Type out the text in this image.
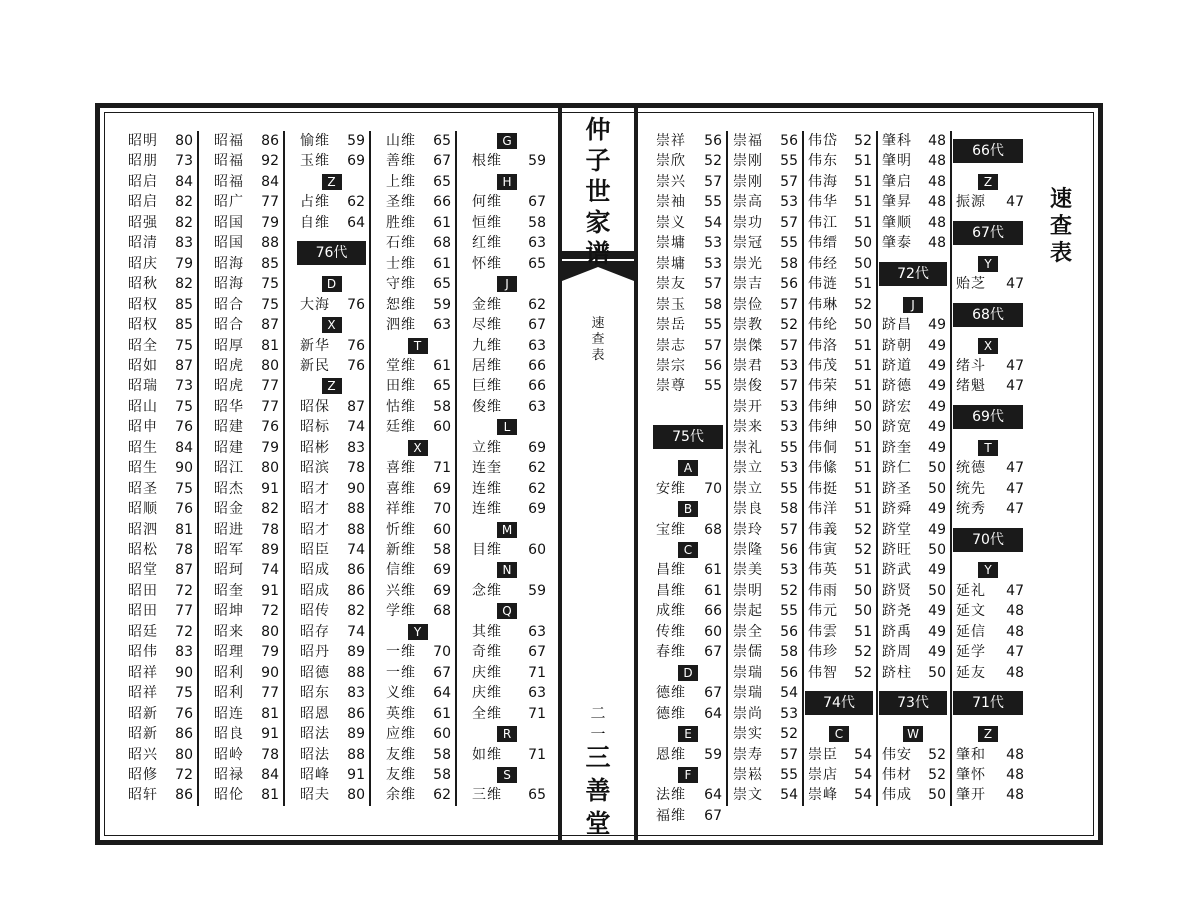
二一
仲
子
世
家
谱
速
查
表
三
善
堂
速
查
表
昭明 80
昭朋 73
昭启 84
昭启 82
昭强 82
昭清 83
昭庆 79
昭秋 82
昭权 85
昭权 85
昭全 75
昭如 87
昭瑞 73
昭山 75
昭申 76
昭生 84
昭生 90
昭圣 75
昭顺 76
昭泗 81
昭松 78
昭堂 87
昭田 72
昭田 77
昭廷 72
昭伟 83
昭祥 90
昭祥 75
昭新 76
昭新 86
昭兴 80
昭修 72
昭轩 86
昭福 86
昭福 92
昭福 84
昭广 77
昭国 79
昭国 88
昭海 85
昭海 75
昭合 75
昭合 87
昭厚 81
昭虎 80
昭虎 77
昭华 77
昭建 76
昭建 79
昭江 80
昭杰 91
昭金 82
昭进 78
昭军 89
昭珂 74
昭奎 91
昭坤 72
昭来 80
昭理 79
昭利 90
昭利 77
昭连 81
昭良 91
昭岭 78
昭禄 84
昭伦 81
愉维 59
玉维 69
Z
占维 62
自维 64
76代
D
大海 76
X
新华 76
新民 76
Z
昭保 87
昭标 74
昭彬 83
昭滨 78
昭才 90
昭才 88
昭才 88
昭臣 74
昭成 86
昭成 86
昭传 82
昭存 74
昭丹 89
昭德 88
昭东 83
昭恩 86
昭法 89
昭法 88
昭峰 91
昭夫 80
山维 65
善维 67
上维 65
圣维 66
胜维 61
石维 68
士维 61
守维 65
恕维 59
泗维 63
T
堂维 61
田维 65
怙维 58
廷维 60
X
喜维 71
喜维 69
祥维 70
忻维 60
新维 58
信维 69
兴维 69
学维 68
Y
一维 70
一维 67
义维 64
英维 61
应维 60
友维 58
友维 58
余维 62
G
根维 59
H
何维 67
恒维 58
红维 63
怀维 65
J
金维 62
尽维 67
九维 63
居维 66
巨维 66
俊维 63
L
立维 69
连奎 62
连维 62
连维 69
M
目维 60
N
念维 59
Q
其维 63
奇维 67
庆维 71
庆维 63
全维 71
R
如维 71
S
三维 65
崇祥 56
崇欣 52
崇兴 57
崇袖 55
崇义 54
崇墉 53
崇墉 53
崇友 57
崇玉 58
崇岳 55
崇志 57
崇宗 56
崇尊 55
75代
A
安维 70
B
宝维 68
C
昌维 61
昌维 61
成维 66
传维 60
春维 67
D
德维 67
德维 64
E
恩维 59
F
法维 64
福维 67
崇福 56
崇刚 55
崇刚 57
崇高 53
崇功 57
崇冠 55
崇光 58
崇吉 56
崇俭 57
崇教 52
崇傑 57
崇君 53
崇俊 57
崇开 53
崇来 53
崇礼 55
崇立 53
崇立 55
崇良 58
崇玲 57
崇隆 56
崇美 53
崇明 52
崇起 55
崇全 56
崇儒 58
崇瑞 56
崇瑞 54
崇尚 53
崇实 52
崇寿 57
崇崧 55
崇文 54
伟岱 52
伟东 51
伟海 51
伟华 51
伟江 51
伟缙 50
伟经 50
伟涟 51
伟琳 52
伟纶 50
伟洛 51
伟茂 51
伟荣 51
伟绅 50
伟绅 50
伟侗 51
伟絛 51
伟挺 51
伟洋 51
伟義 52
伟寅 52
伟英 51
伟雨 50
伟元 50
伟雲 51
伟珍 52
伟智 52
74代
C
崇臣 54
崇店 54
崇峰 54
肇科 48
肇明 48
肇启 48
肇昇 48
肇顺 48
肇泰 48
72代
J
跻昌 49
跻朝 49
跻道 49
跻德 49
跻宏 49
跻宽 49
跻奎 49
跻仁 50
跻圣 50
跻舜 49
跻堂 49
跻旺 50
跻武 49
跻贤 50
跻尧 49
跻禹 49
跻周 49
跻柱 50
73代
W
伟安 52
伟材 52
伟成 50
66代
Z
振源 47
67代
Y
贻芝 47
68代
X
绪斗 47
绪魁 47
69代
T
统德 47
统先 47
统秀 47
70代
Y
延礼 47
延文 48
延信 48
延学 47
延友 48
71代
Z
肇和 48
肇怀 48
肇开 48
